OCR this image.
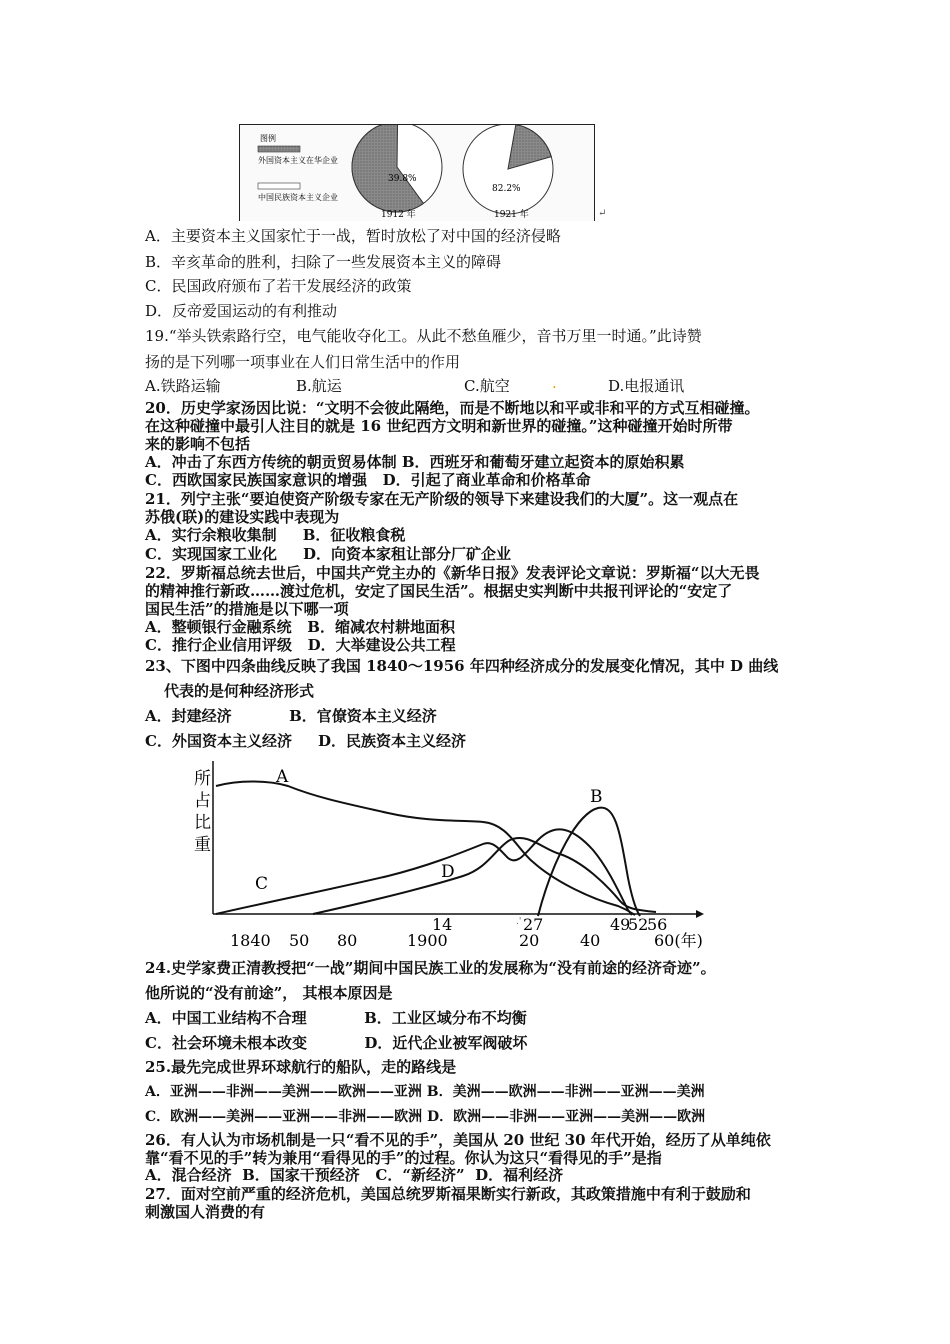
图例
外国资本主义在华企业
中国民族资本主义企业
39.8%
1912 年
82.2%
1921 年	↵
A．主要资本主义国家忙于一战，暂时放松了对中国的经济侵略
B．辛亥革命的胜利，扫除了一些发展资本主义的障碍
C．民国政府颁布了若干发展经济的政策
D．反帝爱国运动的有利推动
19.“举头铁索路行空，电气能收夺化工。从此不愁鱼雁少，音书万里一时通。”此诗赞
扬的是下列哪一项事业在人们日常生活中的作用
A.铁路运输	B.航运	C.航空	.	D.电报通讯
20．历史学家汤因比说：“文明不会彼此隔绝，而是不断地以和平或非和平的方式互相碰撞。
在这种碰撞中最引人注目的就是 16 世纪西方文明和新世界的碰撞。”这种碰撞开始时所带
来的影响不包括
A．冲击了东西方传统的朝贡贸易体制 B．西班牙和葡萄牙建立起资本的原始积累
C．西欧国家民族国家意识的增强   D．引起了商业革命和价格革命
21．列宁主张“要迫使资产阶级专家在无产阶级的领导下来建设我们的大厦”。这一观点在
苏俄(联)的建设实践中表现为
A．实行余粮收集制     B．征收粮食税
C．实现国家工业化     D．向资本家租让部分厂矿企业
22．罗斯福总统去世后，中国共产党主办的《新华日报》发表评论文章说：罗斯福“以大无畏
的精神推行新政……渡过危机，安定了国民生活”。根据史实判断中共报刊评论的“安定了
国民生活”的措施是以下哪一项
A．整顿银行金融系统   B．缩减农村耕地面积
C．推行企业信用评级   D．大举建设公共工程
23、下图中四条曲线反映了我国 1840～1956 年四种经济成分的发展变化情况，其中 D 曲线
代表的是何种经济形式
A．封建经济           B．官僚资本主义经济
C．外国资本主义经济     D．民族资本主义经济
所
占
比
重
A
B
C
D
14	27	49
52
56
.'
1840 50 80	1900	20	40	60(年)
24.史学家费正清教授把“一战”期间中国民族工业的发展称为“没有前途的经济奇迹”。
他所说的“没有前途”， 其根本原因是
A．中国工业结构不合理           B．工业区域分布不均衡
C．社会环境未根本改变           D．近代企业被军阀破坏
25.最先完成世界环球航行的船队，走的路线是
A．亚洲——非洲——美洲——欧洲——亚洲 B．美洲——欧洲——非洲——亚洲——美洲
C．欧洲——美洲——亚洲——非洲——欧洲 D．欧洲——非洲——亚洲——美洲——欧洲
26．有人认为市场机制是一只“看不见的手”，美国从 20 世纪 30 年代开始，经历了从单纯依
靠“看不见的手”转为兼用“看得见的手”的过程。你认为这只“看得见的手”是指
A．混合经济  B．国家干预经济   C．“新经济”  D．福利经济
27．面对空前严重的经济危机，美国总统罗斯福果断实行新政，其政策措施中有利于鼓励和
刺激国人消费的有
